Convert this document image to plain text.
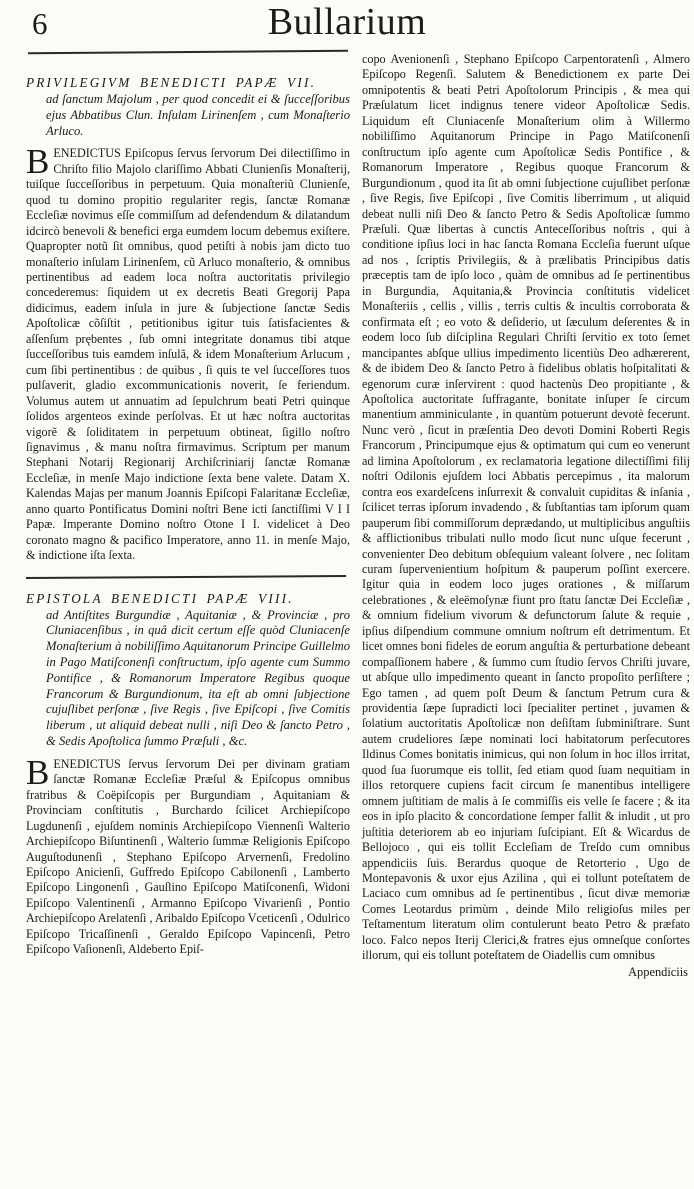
6	Bullarium
PRIVILEGIVM BENEDICTI PAPÆ VII.
ad ſanctum Majolum , per quod concedit ei & ſucceſſoribus ejus Abbatibus Clun. Inſulam Lirinenſem , cum Monaſterio Arluco.

BENEDICTUS Epiſcopus ſervus ſervorum Dei dilectiſſimo in Chriſto filio Majolo clariſſimo Abbati Clunienſis Monaſterij, tuiſque ſucceſſoribus in perpetuum. Quia monaſteriũ Clunienſe, quod tu domino propitio regulariter regis, ſanctæ Romanæ Eccleſiæ novimus eſſe commiſſum ad defendendum & dilatandum idcircò benevoli & benefici erga eumdem locum debemus exiſtere. Quapropter notũ ſit omnibus, quod petiſti à nobis jam dicto tuo monaſterio inſulam Lirinenſem, cũ Arluco monaſterio, & omnibus pertinentibus ad eadem loca noſtra auctoritatis privilegio concederemus: ſiquidem ut ex decretis Beati Gregorij Papa didicimus, eadem inſula in jure & ſubjectione ſanctæ Sedis Apoſtolicæ cõſiſtit , petitionibus igitur tuis ſatisfacientes & aſſenſum prębentes , ſub omni integritate donamus tibi atque ſucceſſoribus tuis eamdem inſulã, & idem Monaſterium Arlucum , cum ſibi pertinentibus : de quibus , ſi quis te vel ſucceſſores tuos pulſaverit, gladio excommunicationis noverit, ſe feriendum. Volumus autem ut annuatim ad ſepulchrum beati Petri quinque ſolidos argenteos exinde perſolvas. Et ut hæc noſtra auctoritas vigorẽ & ſoliditatem in perpetuum obtineat, ſigillo noſtro ſignavimus , & manu noſtra firmavimus. Scriptum per manum Stephani Notarij Regionarij Archiſcriniarij ſanctæ Romanæ Eccleſiæ, in menſe Majo indictione ſexta bene valete. Datam X. Kalendas Majas per manum Joannis Epiſcopi Falaritanæ Eccleſiæ, anno quarto Pontificatus Domini noſtri Bene icti ſanctiſſimi V I I Papæ. Imperante Domino noſtro Otone I I. videlicet à Deo coronato magno & pacifico Imperatore, anno 11. in menſe Majo, & indictione iſta ſexta.

EPISTOLA BENEDICTI PAPÆ VIII.
ad Antiſtites Burgundiæ , Aquitaniæ , & Provinciæ , pro Cluniacenſibus , in quâ dicit certum eſſe quòd Cluniacenſe Monaſterium à nobiliſſimo Aquitanorum Principe Guillelmo in Pago Matiſconenſi conſtructum, ipſo agente cum Summo Pontifice , & Romanorum Imperatore Regibus quoque Francorum & Burgundionum, ita eſt ab omni ſubjectione cujuſlibet perſonæ , ſive Regis , ſive Epiſcopi , ſive Comitis liberum , ut aliquid debeat nulli , niſi Deo & ſancto Petro , & Sedis Apoſtolica ſummo Præſuli , &c.

BENEDICTUS ſervus ſervorum Dei per divinam gratiam ſanctæ Romanæ Eccleſiæ Præſul & Epiſcopus omnibus fratribus & Coëpiſcopis per Burgundiam , Aquitaniam & Provinciam conſtitutis , Burchardo ſcilicet Archiepiſcopo Lugdunenſi , ejuſdem nominis Archiepiſcopo Viennenſi Walterio Archiepiſcopo Biſuntinenſi , Walterio ſummæ Religionis Epiſcopo Auguſtodunenſi , Stephano Epiſcopo Arvernenſi, Fredolino Epiſcopo Anicienſi, Guffredo Epiſcopo Cabilonenſi , Lamberto Epiſcopo Lingonenſi , Gauſlino Epiſcopo Matiſconenſi, Widoni Epiſcopo Valentinenſi , Armanno Epiſcopo Vivarienſi , Pontio Archiepiſcopo Arelatenſi , Aribaldo Epiſcopo Vceticenſi , Odulrico Epiſcopo Tricaſſinenſi , Geraldo Epiſcopo Vapincenſi, Petro Epiſcopo Vaſionenſi, Aldeberto Epiſ-

copo Avenionenſi , Stephano Epiſcopo Carpentoratenſi , Almero Epiſcopo Regenſi. Salutem & Benedictionem ex parte Dei omnipotentis & beati Petri Apoſtolorum Principis , & mea qui Præſulatum licet indignus tenere videor Apoſtolicæ Sedis. Liquidum eſt Cluniacenſe Monaſterium olim à Willermo nobiliſſimo Aquitanorum Principe in Pago Matiſconenſi conſtructum ipſo agente cum Apoſtolicæ Sedis Pontifice , & Romanorum Imperatore , Regibus quoque Francorum & Burgundionum , quod ita ſit ab omni ſubjectione cujuſlibet perſonæ , ſive Regis, ſive Epiſcopi , ſive Comitis liberrimum , ut aliquid debeat nulli niſi Deo & ſancto Petro & Sedis Apoſtolicæ ſummo Præſuli. Quæ libertas à cunctis Anteceſſoribus noſtris , qui à conditione ipſius loci in hac ſancta Romana Eccleſia fuerunt uſque ad nos , ſcriptis Privilegiis, & à prælibatis Principibus datis præceptis tam de ipſo loco , quàm de omnibus ad ſe pertinentibus in Burgundia, Aquitania,& Provincia conſtitutis videlicet Monaſteriis , cellis , villis , terris cultis & incultis corroborata & confirmata eſt ; eo voto & deſiderio, ut ſæculum deſerentes & in eodem loco ſub diſciplina Regulari Chriſti ſervitio ex toto ſemet mancipantes abſque ullius impedimento licentiùs Deo adhærerent, & de ibidem Deo & ſancto Petro à fidelibus oblatis hoſpitalitati & egenorum curæ inſervirent : quod hactenùs Deo propitiante , & Apoſtolica auctoritate ſuffragante, bonitate inſuper ſe circum manentium amminiculante , in quantùm potuerunt devotè fecerunt. Nunc verò , ſicut in præſentia Deo devoti Domini Roberti Regis Francorum , Principumque ejus & optimatum qui cum eo venerunt ad limina Apoſtolorum , ex reclamatoria legatione dilectiſſimi filij noſtri Odilonis ejuſdem loci Abbatis percepimus , ita malorum contra eos exardeſcens inſurrexit & convaluit cupiditas & inſania , ſcilicet terras ipſorum invadendo , & ſubſtantias tam ipſorum quam pauperum ſibi commiſſorum deprædando, ut multiplicibus anguſtiis & afflictionibus tribulati nullo modo ſicut nunc uſque fecerunt , convenienter Deo debitum obſequium valeant ſolvere , nec ſolitam curam ſupervenientium hoſpitum & pauperum poſſint exercere. Igitur quia in eodem loco juges orationes , & miſſarum celebrationes , & eleëmoſynæ fiunt pro ſtatu ſanctæ Dei Eccleſiæ , & omnium fidelium vivorum & defunctorum ſalute & requie , ipſius diſpendium commune omnium noſtrum eſt detrimentum. Et licet omnes boni fideles de eorum anguſtia & perturbatione debeant compaſſionem habere , & ſummo cum ſtudio ſervos Chriſti juvare, ut abſque ullo impedimento queant in ſancto propoſito perſiſtere ; Ego tamen , ad quem poſt Deum & ſanctum Petrum cura & providentia ſæpe ſupradicti loci ſpecialiter pertinet , juvamen & ſolatium auctoritatis Apoſtolicæ non deſiſtam ſubminiſtrare. Sunt autem crudeliores ſæpe nominati loci habitatorum perſecutores Ildinus Comes bonitatis inimicus, qui non ſolum in hoc illos irritat, quod ſua ſuorumque eis tollit, ſed etiam quod ſuam nequitiam in illos retorquere cupiens facit circum ſe manentibus intelligere omnem juſtitiam de malis à ſe commiſſis eis velle ſe facere ; & ita eos in ipſo placito & concordatione ſemper fallit & inludit , ut pro juſtitia deteriorem ab eo injuriam ſuſcipiant. Eſt & Wicardus de Bellojoco , qui eis tollit Eccleſiam de Treſdo cum omnibus appendiciis ſuis. Berardus quoque de Retorterio , Ugo de Montepavonis & uxor ejus Azilina , qui ei tollunt poteſtatem de Laciaco cum omnibus ad ſe pertinentibus , ſicut divæ memoriæ Comes Leotardus primùm , deinde Milo religioſus miles per Teſtamentum literatum olim contulerunt beato Petro & præfato loco. Falco nepos Iterij Clerici,& fratres ejus omneſque conſortes illorum, qui eis tollunt poteſtatem de Oiadellis cum omnibus

Appendiciis
